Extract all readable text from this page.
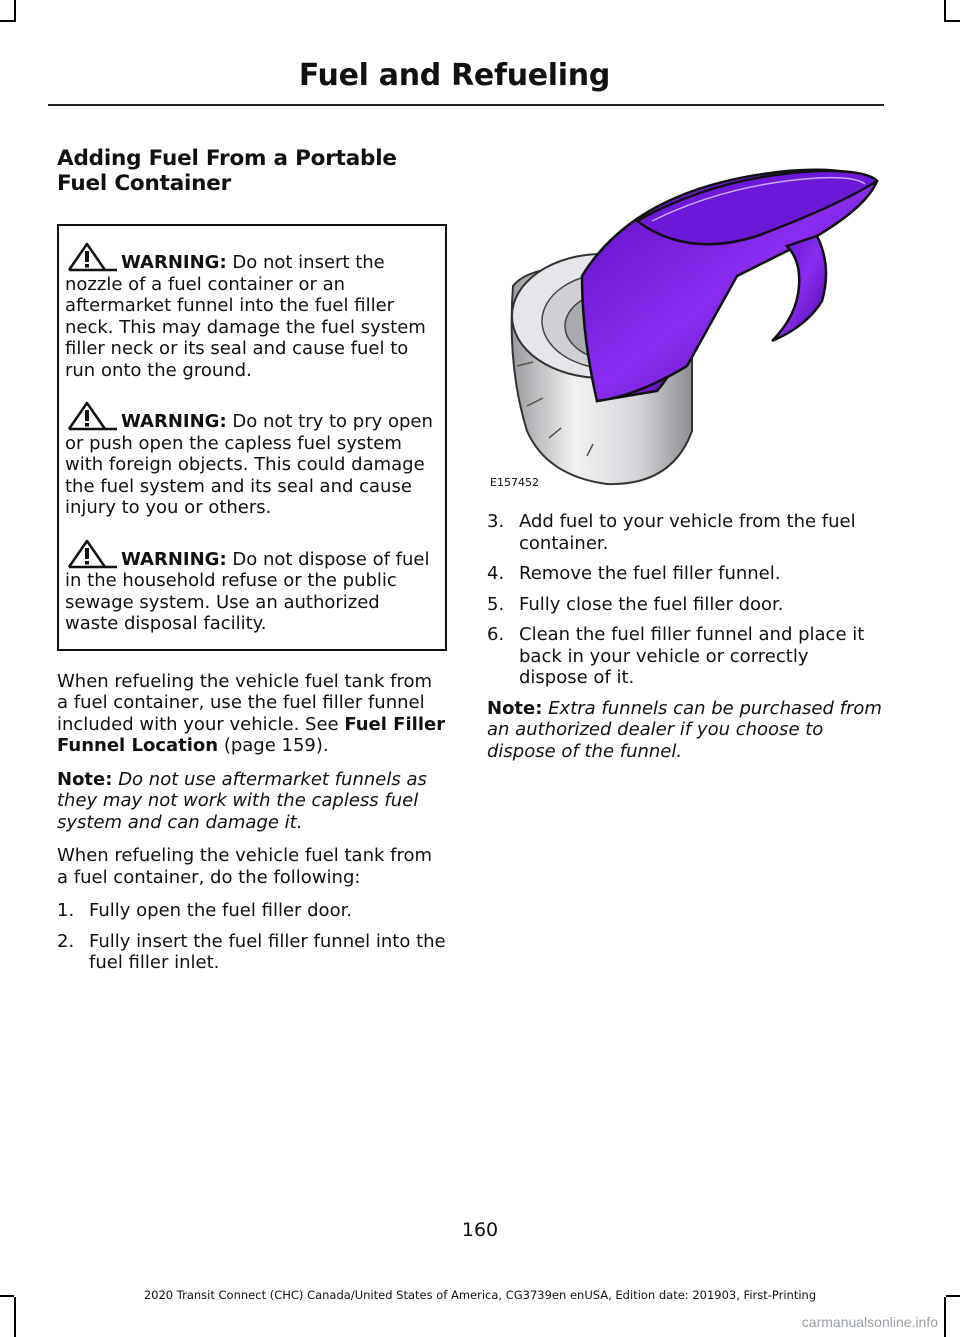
Fuel and Refueling
Adding Fuel From a Portable Fuel Container
WARNING: Do not insert the nozzle of a fuel container or an aftermarket funnel into the fuel filler neck. This may damage the fuel system filler neck or its seal and cause fuel to run onto the ground.
WARNING: Do not try to pry open or push open the capless fuel system with foreign objects. This could damage the fuel system and its seal and cause injury to you or others.
WARNING: Do not dispose of fuel in the household refuse or the public sewage system. Use an authorized waste disposal facility.

When refueling the vehicle fuel tank from a fuel container, use the fuel filler funnel included with your vehicle. See Fuel Filler Funnel Location (page 159).

Note: Do not use aftermarket funnels as they may not work with the capless fuel system and can damage it.

When refueling the vehicle fuel tank from a fuel container, do the following:

1. Fully open the fuel filler door.
2. Fully insert the fuel filler funnel into the fuel filler inlet.
E157452
3. Add fuel to your vehicle from the fuel container.
4. Remove the fuel filler funnel.
5. Fully close the fuel filler door.
6. Clean the fuel filler funnel and place it back in your vehicle or correctly dispose of it.

Note: Extra funnels can be purchased from an authorized dealer if you choose to dispose of the funnel.

160
2020 Transit Connect (CHC) Canada/United States of America, CG3739en enUSA, Edition date: 201903, First-Printing
carmanualsonline.info
